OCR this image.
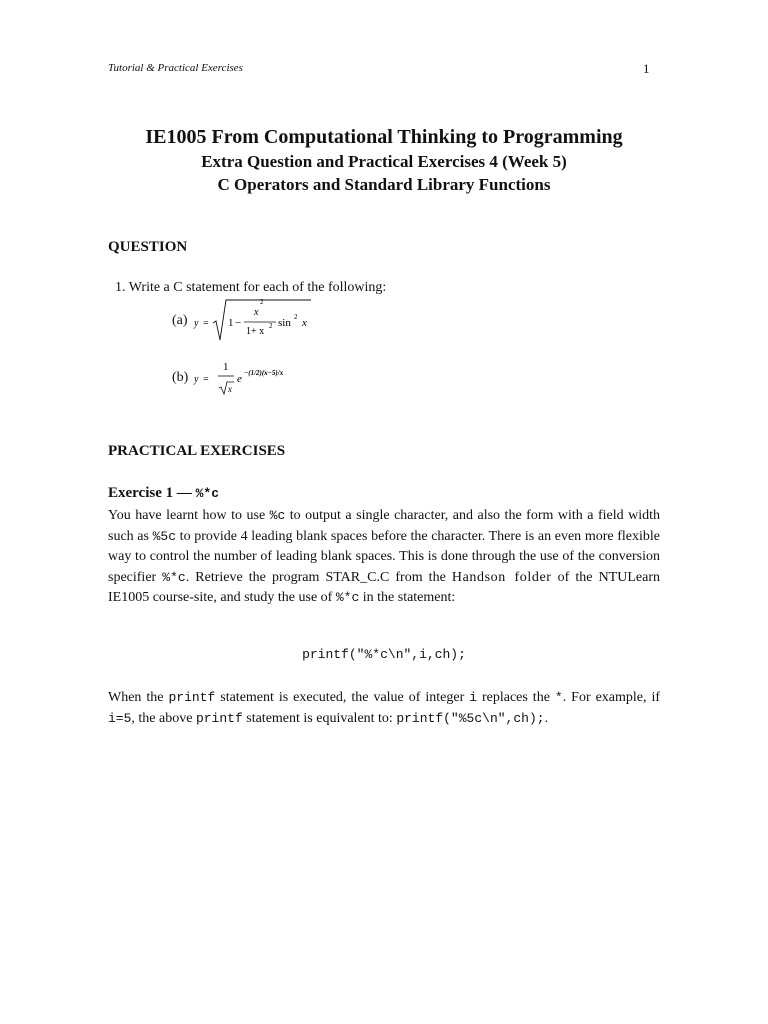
Tutorial & Practical Exercises	1
IE1005 From Computational Thinking to Programming
Extra Question and Practical Exercises 4 (Week 5)
C Operators and Standard Library Functions
QUESTION
1. Write a C statement for each of the following:
(a) y = 1 −
x
2
1+ x 2 sin 2 x
(b) y =
1
x
e −(1/2)(x−5)/x
PRACTICAL EXERCISES
Exercise 1 — %*c

You have learnt how to use %c to output a single character, and also the form with a field width such as %5c to provide 4 leading blank spaces before the character. There is an even more flexible way to control the number of leading blank spaces. This is done through the use of the conversion specifier %*c. Retrieve the program STAR_C.C from the Handson folder of the NTULearn IE1005 course-site, and study the use of %*c in the statement:

printf("%*c\n",i,ch);

When the printf statement is executed, the value of integer i replaces the *. For example, if i=5, the above printf statement is equivalent to: printf("%5c\n",ch);.
